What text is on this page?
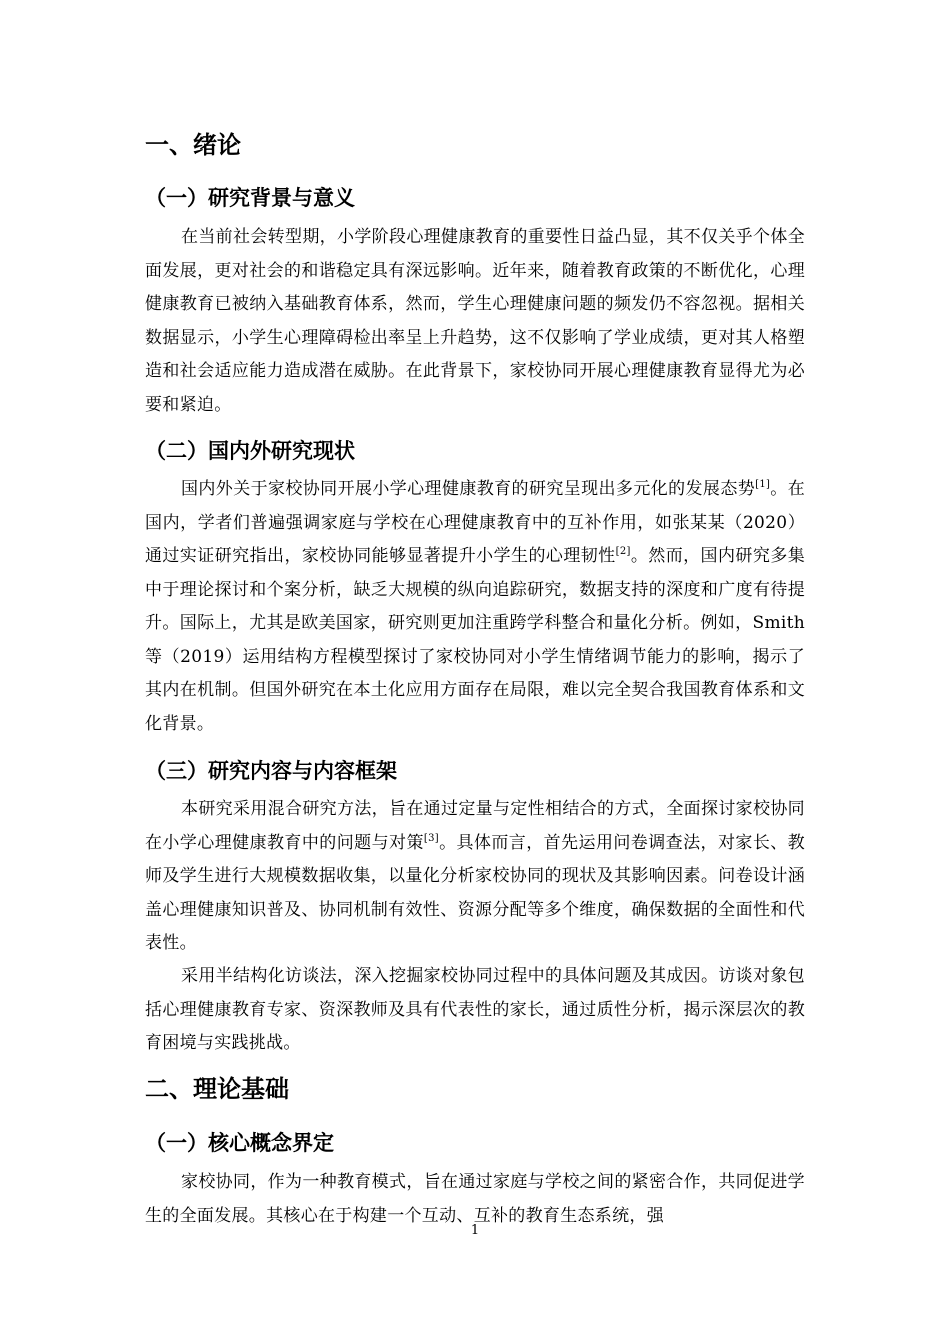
一、绪论
（一）研究背景与意义
在当前社会转型期，小学阶段心理健康教育的重要性日益凸显，其不仅关乎个体全面发展，更对社会的和谐稳定具有深远影响。近年来，随着教育政策的不断优化，心理健康教育已被纳入基础教育体系，然而，学生心理健康问题的频发仍不容忽视。据相关数据显示，小学生心理障碍检出率呈上升趋势，这不仅影响了学业成绩，更对其人格塑造和社会适应能力造成潜在威胁。在此背景下，家校协同开展心理健康教育显得尤为必要和紧迫。
（二）国内外研究现状
国内外关于家校协同开展小学心理健康教育的研究呈现出多元化的发展态势[1]。在国内，学者们普遍强调家庭与学校在心理健康教育中的互补作用，如张某某（2020）通过实证研究指出，家校协同能够显著提升小学生的心理韧性[2]。然而，国内研究多集中于理论探讨和个案分析，缺乏大规模的纵向追踪研究，数据支持的深度和广度有待提升。国际上，尤其是欧美国家，研究则更加注重跨学科整合和量化分析。例如，Smith 等（2019）运用结构方程模型探讨了家校协同对小学生情绪调节能力的影响，揭示了其内在机制。但国外研究在本土化应用方面存在局限，难以完全契合我国教育体系和文化背景。
（三）研究内容与内容框架
本研究采用混合研究方法，旨在通过定量与定性相结合的方式，全面探讨家校协同在小学心理健康教育中的问题与对策[3]。具体而言，首先运用问卷调查法，对家长、教师及学生进行大规模数据收集，以量化分析家校协同的现状及其影响因素。问卷设计涵盖心理健康知识普及、协同机制有效性、资源分配等多个维度，确保数据的全面性和代表性。
采用半结构化访谈法，深入挖掘家校协同过程中的具体问题及其成因。访谈对象包括心理健康教育专家、资深教师及具有代表性的家长，通过质性分析，揭示深层次的教育困境与实践挑战。
二、理论基础
（一）核心概念界定
家校协同，作为一种教育模式，旨在通过家庭与学校之间的紧密合作，共同促进学生的全面发展。其核心在于构建一个互动、互补的教育生态系统，强
1
